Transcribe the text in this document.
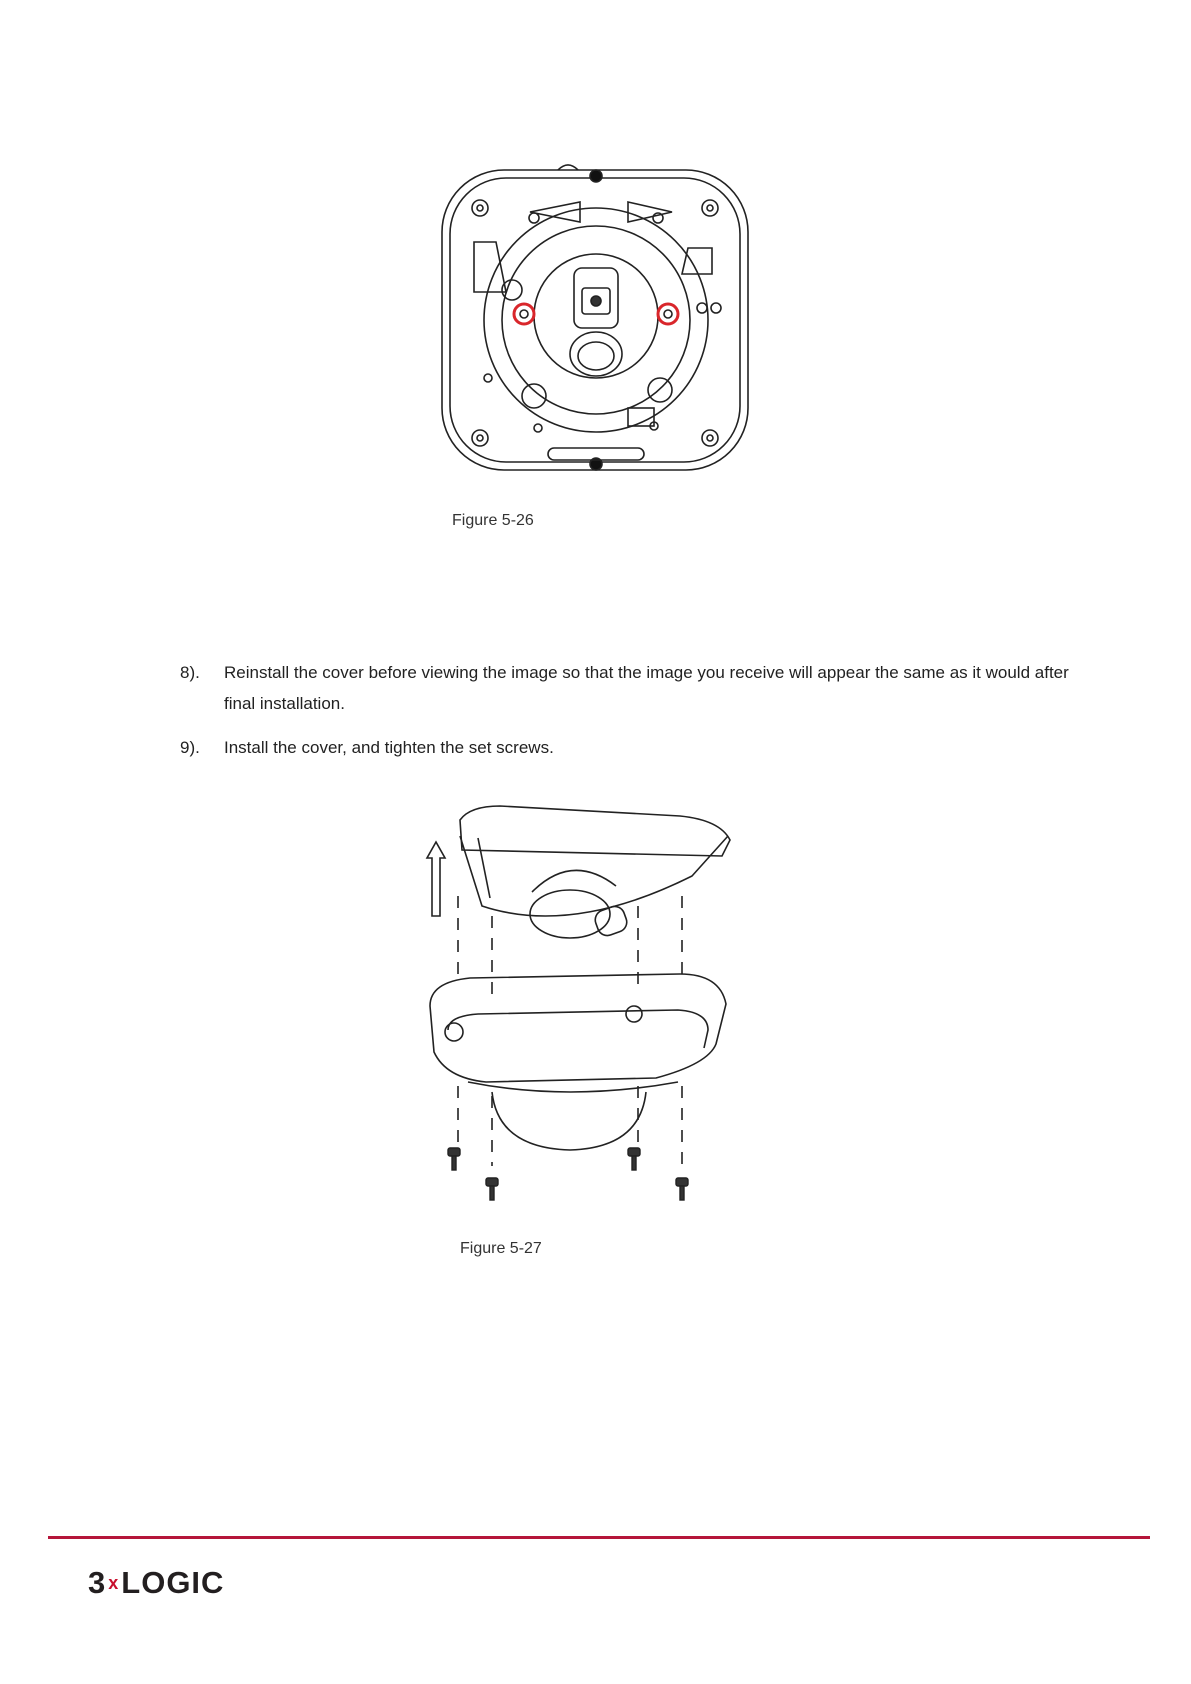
Figure 5-26
8). Reinstall the cover before viewing the image so that the image you receive will appear the same as it would after final installation.
9). Install the cover, and tighten the set screws.
Figure 5-27
3 xLOGIC
